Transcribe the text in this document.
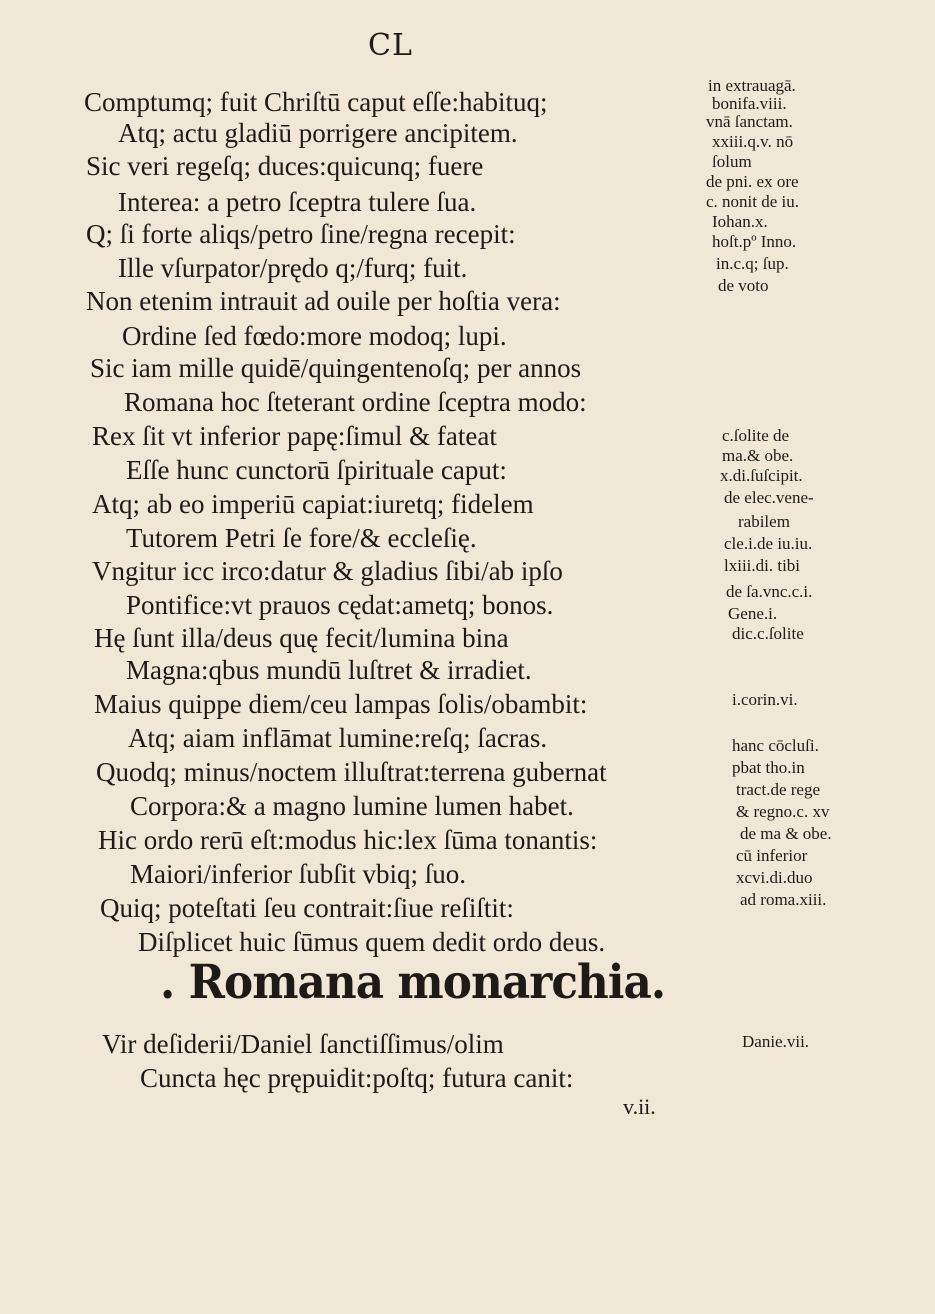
CL
Comptumq; fuit Chriſtū caput eſſe:habituq;
Atq; actu gladiū porrigere ancipitem.
Sic veri regeſq; duces:quicunq; fuere
Interea: a petro ſceptra tulere ſua.
Q; ſi forte aliqs/petro ſine/regna recepit:
Ille vſurpator/prędo q;/furq; fuit.
Non etenim intrauit ad ouile per hoſtia vera:
Ordine ſed fœdo:more modoq; lupi.
Sic iam mille quidē/quingentenoſq; per annos
Romana hoc ſteterant ordine ſceptra modo:
Rex ſit vt inferior papę:ſimul & fateat
Eſſe hunc cunctorū ſpirituale caput:
Atq; ab eo imperiū capiat:iuretq; fidelem
Tutorem Petri ſe fore/& eccleſię.
Vngitur icc irco:datur & gladius ſibi/ab ipſo
Pontifice:vt prauos cędat:ametq; bonos.
Hę ſunt illa/deus quę fecit/lumina bina
Magna:qbus mundū luſtret & irradiet.
Maius quippe diem/ceu lampas ſolis/obambit:
Atq; aiam inflāmat lumine:reſq; ſacras.
Quodq; minus/noctem illuſtrat:terrena gubernat
Corpora:& a magno lumine lumen habet.
Hic ordo rerū eſt:modus hic:lex ſūma tonantis:
Maiori/inferior ſubſit vbiq; ſuo.
Quiq; poteſtati ſeu contrait:ſiue reſiſtit:
Diſplicet huic ſūmus quem dedit ordo deus.
. Romana monarchia.
Vir deſiderii/Daniel ſanctiſſimus/olim
Cuncta hęc prępuidit:poſtq; futura canit:
in extrauagā.
bonifa.viii.
vnā ſanctam.
xxiii.q.v. nō
ſolum
de pni. ex ore
c. nonit de iu.
Iohan.x.
hoſt.pº Inno.
in.c.q; ſup.
de voto
c.ſolite de
ma.& obe.
x.di.ſuſcipit.
de elec.vene-
rabilem
cle.i.de iu.iu.
lxiii.di. tibi
de ſa.vnc.c.i.
Gene.i.
dic.c.ſolite
i.corin.vi.
hanc cōcluſi.
pbat tho.in
tract.de rege
& regno.c. xv
de ma & obe.
cū inferior
xcvi.di.duo
ad roma.xiii.
Danie.vii.
v.ii.
